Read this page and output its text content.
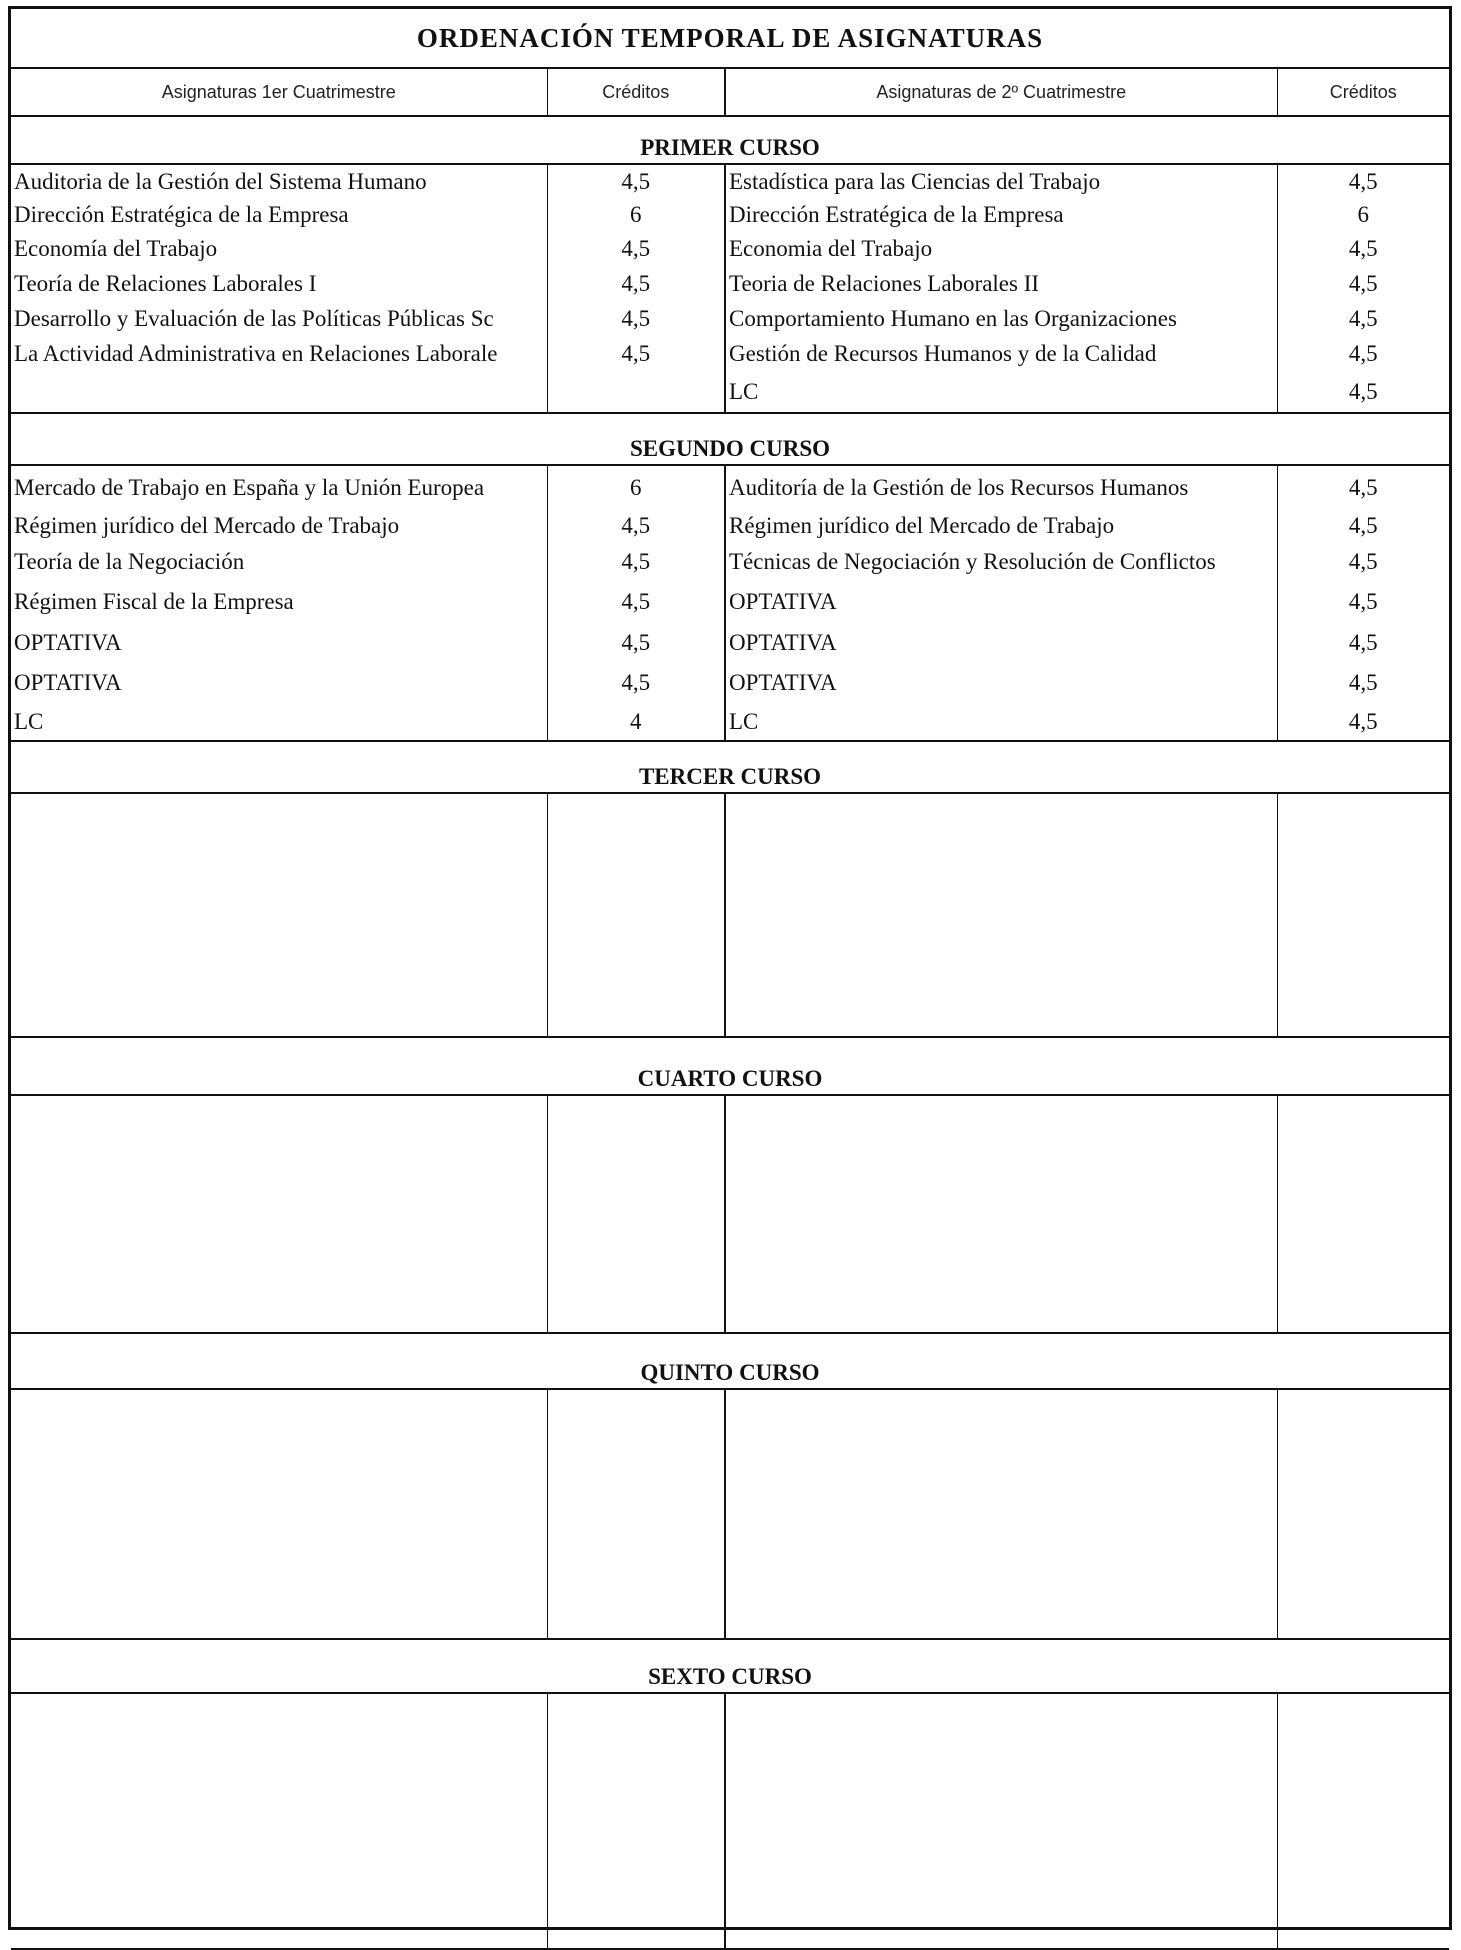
ORDENACIÓN TEMPORAL DE ASIGNATURAS			
Asignaturas 1er Cuatrimestre	Créditos	Asignaturas de 2º Cuatrimestre	Créditos
PRIMER CURSO			
Auditoria de la Gestión del Sistema Humano	4,5	Estadística para las Ciencias del Trabajo	4,5
Dirección Estratégica de la Empresa	6	Dirección Estratégica de la Empresa	6
Economía del Trabajo	4,5	Economia del Trabajo	4,5
Teoría de Relaciones Laborales I	4,5	Teoria de Relaciones Laborales II	4,5
Desarrollo y Evaluación de las Políticas Públicas Sc	4,5	Comportamiento Humano en las Organizaciones	4,5
La Actividad Administrativa en Relaciones Laborale	4,5	Gestión de Recursos Humanos y de la Calidad	4,5
		LC	4,5
SEGUNDO CURSO			
Mercado de Trabajo en España y la Unión Europea	6	Auditoría de la Gestión de los Recursos Humanos	4,5
Régimen jurídico del Mercado de Trabajo	4,5	Régimen jurídico del Mercado de Trabajo	4,5
Teoría de la Negociación	4,5	Técnicas de Negociación y Resolución de Conflictos	4,5
Régimen Fiscal de la Empresa	4,5	OPTATIVA	4,5
OPTATIVA	4,5	OPTATIVA	4,5
OPTATIVA	4,5	OPTATIVA	4,5
LC	4	LC	4,5
TERCER CURSO			

CUARTO CURSO			

QUINTO CURSO			

SEXTO CURSO			
